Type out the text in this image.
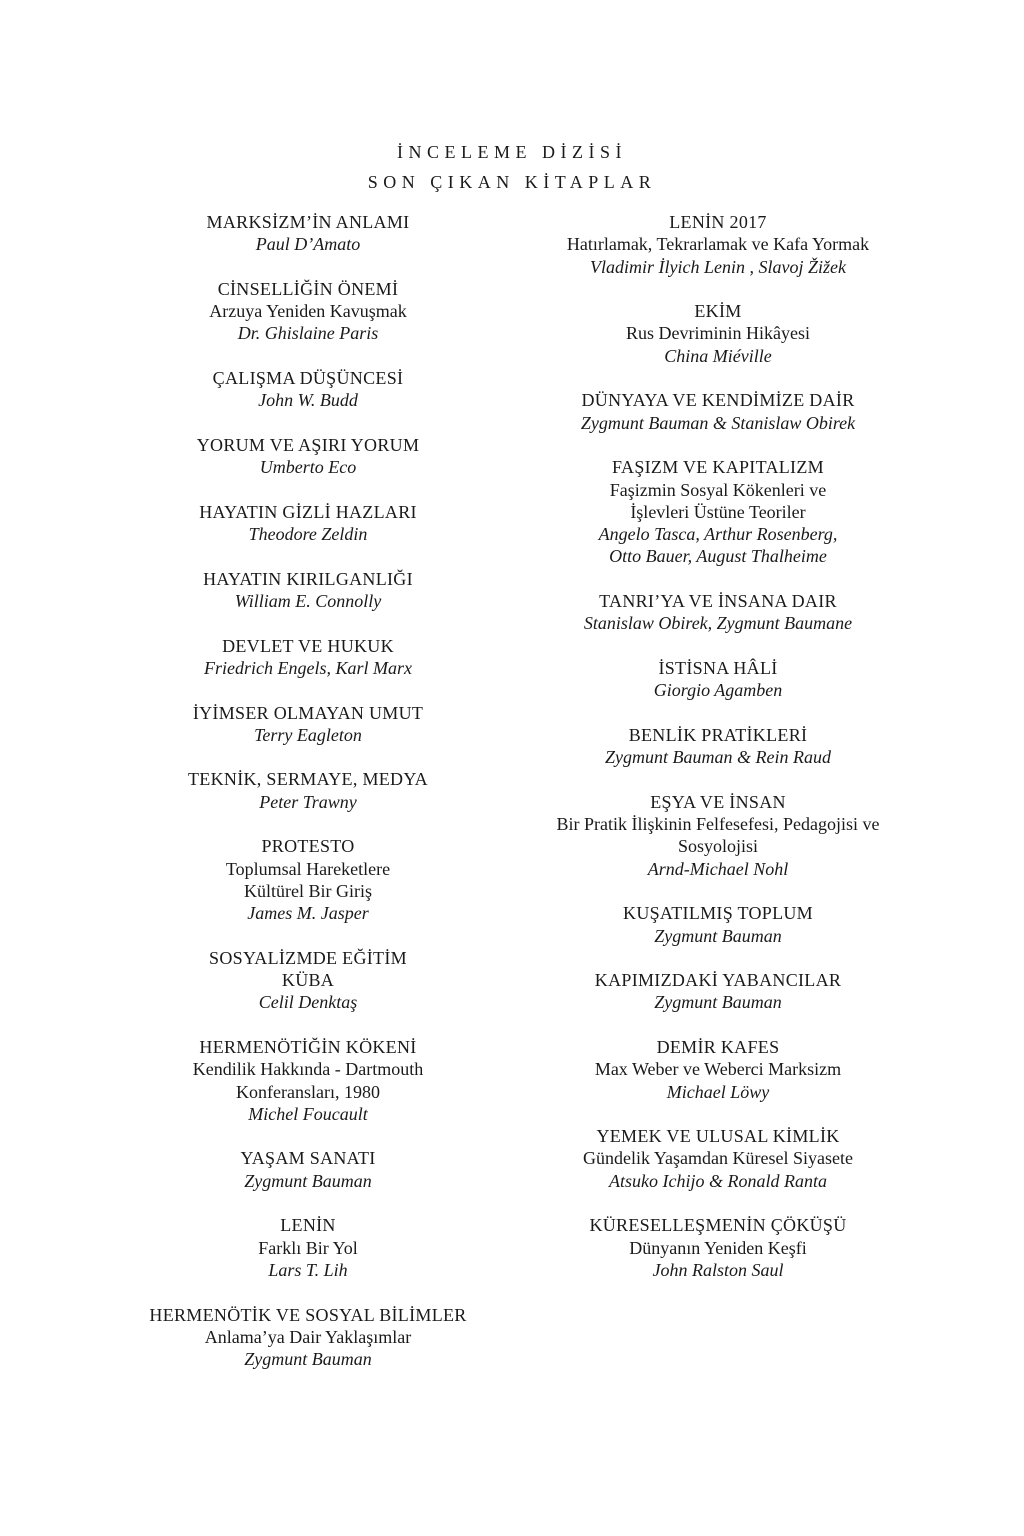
İNCELEME DİZİSİ
SON ÇIKAN KİTAPLAR
MARKSİZM’İN ANLAMI
Paul D’Amato
CİNSELLİĞİN ÖNEMİ
Arzuya Yeniden Kavuşmak
Dr. Ghislaine Paris
ÇALIŞMA DÜŞÜNCESİ
John W. Budd
YORUM VE AŞIRI YORUM
Umberto Eco
HAYATIN GİZLİ HAZLARI
Theodore Zeldin
HAYATIN KIRILGANLIĞI
William E. Connolly
DEVLET VE HUKUK
Friedrich Engels, Karl Marx
İYİMSER OLMAYAN UMUT
Terry Eagleton
TEKNİK, SERMAYE, MEDYA
Peter Trawny
PROTESTO
Toplumsal Hareketlere
Kültürel Bir Giriş
James M. Jasper
SOSYALİZMDE EĞİTİM
KÜBA
Celil Denktaş
HERMENÖTİĞİN KÖKENİ
Kendilik Hakkında - Dartmouth
Konferansları, 1980
Michel Foucault
YAŞAM SANATI
Zygmunt Bauman
LENİN
Farklı Bir Yol
Lars T. Lih
HERMENÖTİK VE SOSYAL BİLİMLER
Anlama’ya Dair Yaklaşımlar
Zygmunt Bauman
LENİN 2017
Hatırlamak, Tekrarlamak ve Kafa Yormak
Vladimir İlyich Lenin , Slavoj Žižek
EKİM
Rus Devriminin Hikâyesi
China Miéville
DÜNYAYA VE KENDİMİZE DAİR
Zygmunt Bauman & Stanislaw Obirek
FAŞIZM VE KAPITALIZM
Faşizmin Sosyal Kökenleri ve
İşlevleri Üstüne Teoriler
Angelo Tasca, Arthur Rosenberg,
Otto Bauer, August Thalheime
TANRI’YA VE İNSANA DAIR
Stanislaw Obirek, Zygmunt Baumane
İSTİSNA HÂLİ
Giorgio Agamben
BENLİK PRATİKLERİ
Zygmunt Bauman & Rein Raud
EŞYA VE İNSAN
Bir Pratik İlişkinin Felfesefesi, Pedagojisi ve
Sosyolojisi
Arnd-Michael Nohl
KUŞATILMIŞ TOPLUM
Zygmunt Bauman
KAPIMIZDAKİ YABANCILAR
Zygmunt Bauman
DEMİR KAFES
Max Weber ve Weberci Marksizm
Michael Löwy
YEMEK VE ULUSAL KİMLİK
Gündelik Yaşamdan Küresel Siyasete
Atsuko Ichijo & Ronald Ranta
KÜRESELLEŞMENİN ÇÖKÜŞÜ
Dünyanın Yeniden Keşfi
John Ralston Saul
